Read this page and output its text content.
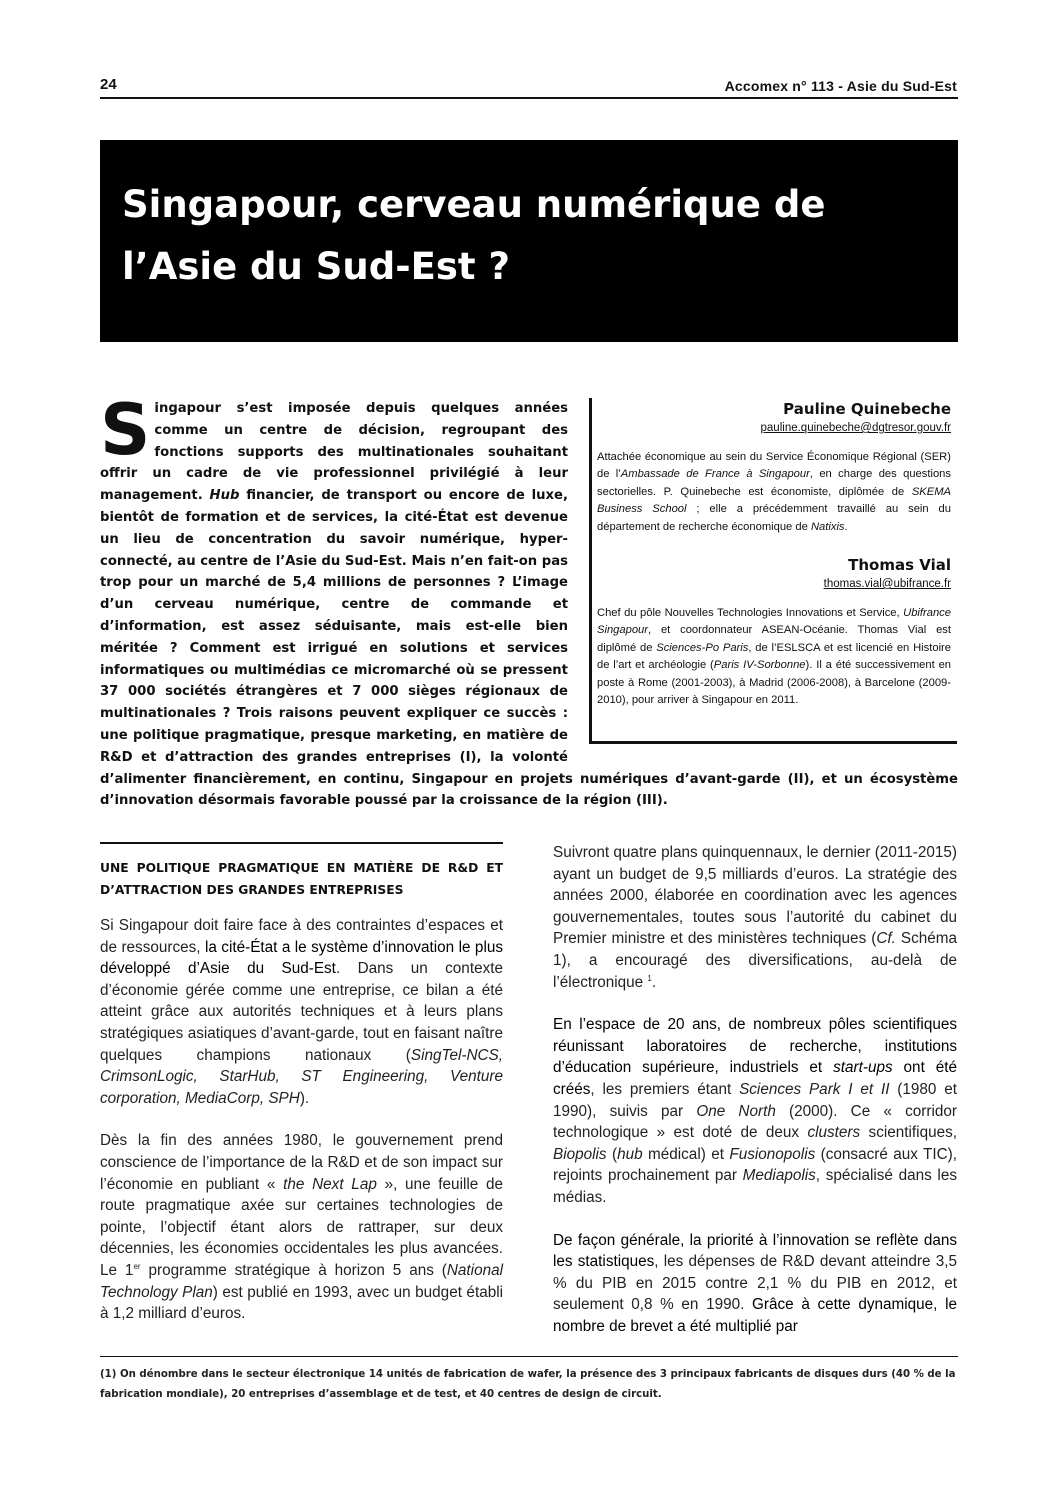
24	Accomex n° 113 - Asie du Sud-Est
Singapour, cerveau numérique de l’Asie du Sud-Est ?
Singapour s’est imposée depuis quelques années comme un centre de décision, regroupant des fonctions supports des multinationales souhaitant offrir un cadre de vie professionnel privilégié à leur management. Hub financier, de transport ou encore de luxe, bientôt de formation et de services, la cité-État est devenue un lieu de concentration du savoir numérique, hyper-connecté, au centre de l’Asie du Sud-Est. Mais n’en fait-on pas trop pour un marché de 5,4 millions de personnes ? L’image d’un cerveau numérique, centre de commande et d’information, est assez séduisante, mais est-elle bien méritée ? Comment est irrigué en solutions et services informatiques ou multimédias ce micromarché où se pressent 37 000 sociétés étrangères et 7 000 sièges régionaux de multinationales ? Trois raisons peuvent expliquer ce succès : une politique pragmatique, presque marketing, en matière de R&D et d’attraction des grandes entreprises (I), la volonté d’alimenter financièrement, en continu, Singapour en projets numériques d’avant-garde (II), et un écosystème d’innovation désormais favorable poussé par la croissance de la région (III).
Pauline Quinebeche
pauline.quinebeche@dgtresor.gouv.fr
Attachée économique au sein du Service Économique Régional (SER) de l’Ambassade de France à Singapour, en charge des questions sectorielles. P. Quinebeche est économiste, diplômée de SKEMA Business School ; elle a précédemment travaillé au sein du département de recherche économique de Natixis.
Thomas Vial
thomas.vial@ubifrance.fr
Chef du pôle Nouvelles Technologies Innovations et Service, Ubifrance Singapour, et coordonnateur ASEAN-Océanie. Thomas Vial est diplômé de Sciences-Po Paris, de l’ESLSCA et est licencié en Histoire de l’art et archéologie (Paris IV-Sorbonne). Il a été successivement en poste à Rome (2001-2003), à Madrid (2006-2008), à Barcelone (2009-2010), pour arriver à Singapour en 2011.
UNE POLITIQUE PRAGMATIQUE EN MATIÈRE DE R&D ET D’ATTRACTION DES GRANDES ENTREPRISES

Si Singapour doit faire face à des contraintes d’espaces et de ressources, la cité-État a le système d’innovation le plus développé d’Asie du Sud-Est. Dans un contexte d’économie gérée comme une entreprise, ce bilan a été atteint grâce aux autorités techniques et à leurs plans stratégiques asiatiques d’avant-garde, tout en faisant naître quelques champions nationaux (SingTel-NCS, CrimsonLogic, StarHub, ST Engineering, Venture corporation, MediaCorp, SPH).

Dès la fin des années 1980, le gouvernement prend conscience de l’importance de la R&D et de son impact sur l’économie en publiant « the Next Lap », une feuille de route pragmatique axée sur certaines technologies de pointe, l’objectif étant alors de rattraper, sur deux décennies, les économies occidentales les plus avancées. Le 1er programme stratégique à horizon 5 ans (National Technology Plan) est publié en 1993, avec un budget établi à 1,2 milliard d’euros.

Suivront quatre plans quinquennaux, le dernier (2011-2015) ayant un budget de 9,5 milliards d’euros. La stratégie des années 2000, élaborée en coordination avec les agences gouvernementales, toutes sous l’autorité du cabinet du Premier ministre et des ministères techniques (Cf. Schéma 1), a encouragé des diversifications, au-delà de l’électronique $^1$.

En l’espace de 20 ans, de nombreux pôles scientifiques réunissant laboratoires de recherche, institutions d’éducation supérieure, industriels et start-ups ont été créés, les premiers étant Sciences Park I et II (1980 et 1990), suivis par One North (2000). Ce « corridor technologique » est doté de deux clusters scientifiques, Biopolis (hub médical) et Fusionopolis (consacré aux TIC), rejoints prochainement par Mediapolis, spécialisé dans les médias.

De façon générale, la priorité à l’innovation se reflète dans les statistiques, les dépenses de R&D devant atteindre 3,5 % du PIB en 2015 contre 2,1 % du PIB en 2012, et seulement 0,8 % en 1990. Grâce à cette dynamique, le nombre de brevet a été multiplié par

(1) On dénombre dans le secteur électronique 14 unités de fabrication de wafer, la présence des 3 principaux fabricants de disques durs (40 % de la fabrication mondiale), 20 entreprises d’assemblage et de test, et 40 centres de design de circuit.
